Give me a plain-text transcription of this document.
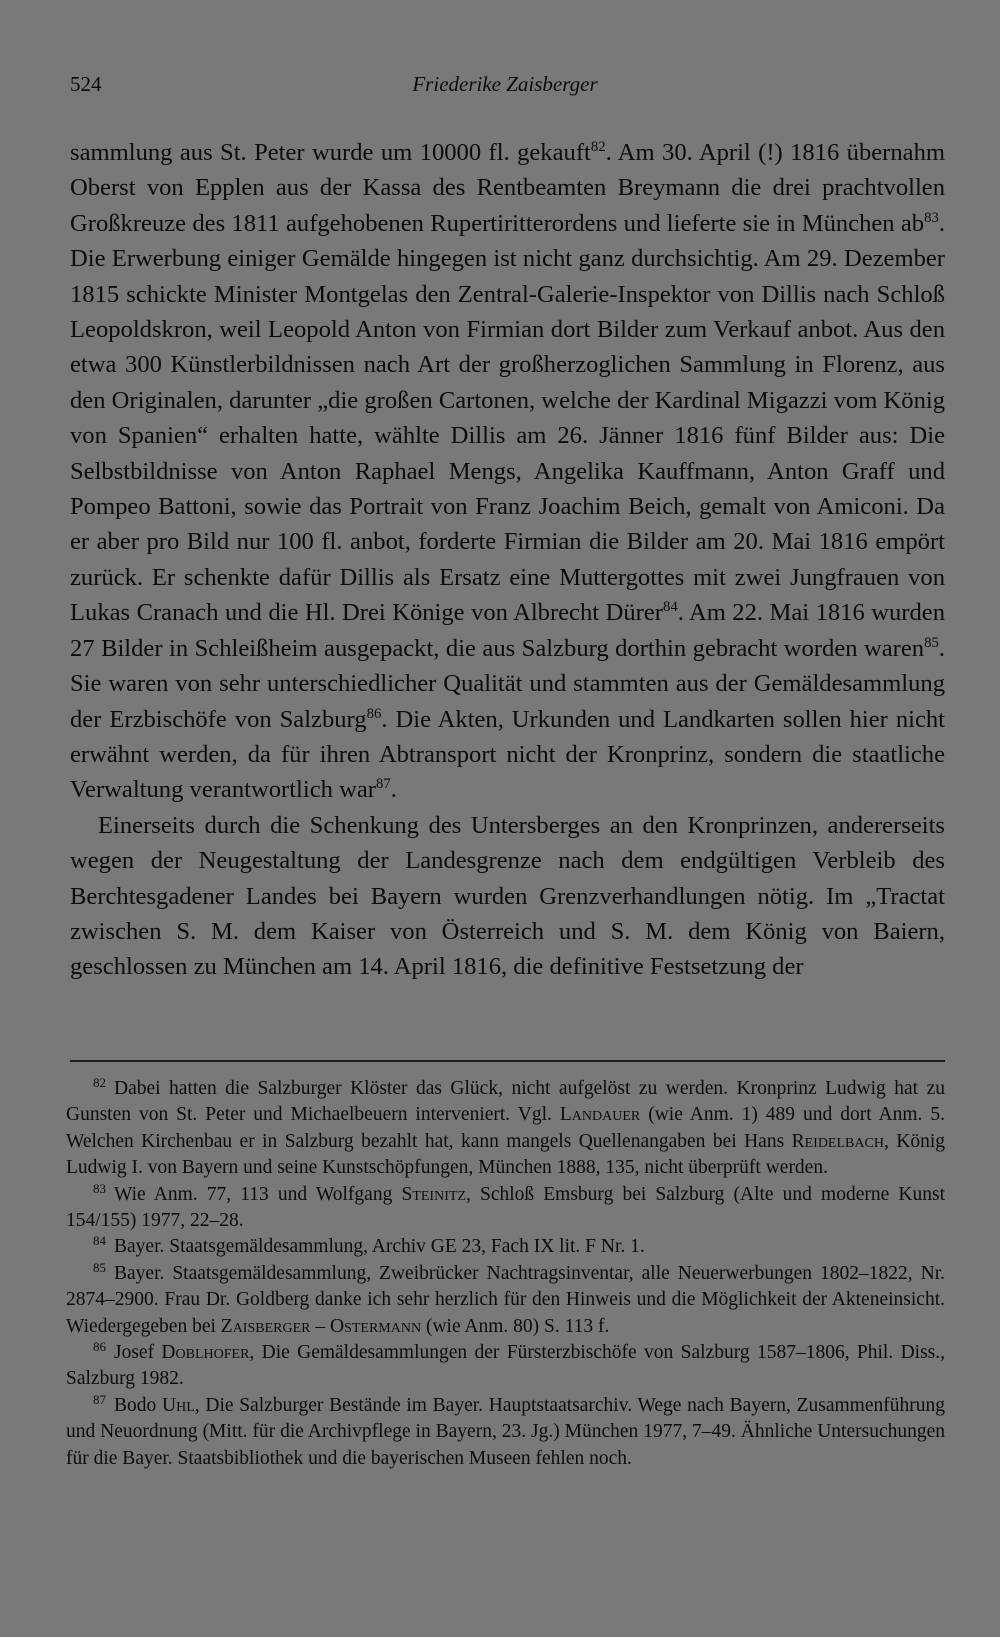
524	Friederike Zaisberger

sammlung aus St. Peter wurde um 10000 fl. gekauft$^{82}$. Am 30. April (!) 1816 übernahm Oberst von Epplen aus der Kassa des Rentbeamten Breymann die drei prachtvollen Großkreuze des 1811 aufgehobenen Rupertiritterordens und lieferte sie in München $ab^{83}$. Die Erwerbung einiger Gemälde hingegen ist nicht ganz durchsichtig. Am 29. Dezember 1815 schickte Minister Montgelas den Zentral-Galerie-Inspektor von Dillis nach Schloß Leopoldskron, weil Leopold Anton von Firmian dort Bilder zum Verkauf anbot. Aus den etwa 300 Künstlerbildnissen nach Art der großherzoglichen Sammlung in Florenz, aus den Originalen, darunter „die großen Cartonen, welche der Kardinal Migazzi vom König von Spanien“ erhalten hatte, wählte Dillis am 26. Jänner 1816 fünf Bilder aus: Die Selbstbildnisse von Anton Raphael Mengs, Angelika Kauffmann, Anton Graff und Pompeo Battoni, sowie das Portrait von Franz Joachim Beich, gemalt von Amiconi. Da er aber pro Bild nur 100 fl. anbot, forderte Firmian die Bilder am 20. Mai 1816 empört zurück. Er schenkte dafür Dillis als Ersatz eine Muttergottes mit zwei Jungfrauen von Lukas Cranach und die Hl. Drei Könige von Albrecht Dürer$^{84}$. Am 22. Mai 1816 wurden 27 Bilder in Schleißheim ausgepackt, die aus Salzburg dorthin gebracht worden waren$^{85}$. Sie waren von sehr unterschiedlicher Qualität und stammten aus der Gemäldesammlung der Erzbischöfe von Salzburg$^{86}$. Die Akten, Urkunden und Landkarten sollen hier nicht erwähnt werden, da für ihren Abtransport nicht der Kronprinz, sondern die staatliche Verwaltung verantwortlich war$^{87}$.

Einerseits durch die Schenkung des Untersberges an den Kronprinzen, andererseits wegen der Neugestaltung der Landesgrenze nach dem endgültigen Verbleib des Berchtesgadener Landes bei Bayern wurden Grenzverhandlungen nötig. Im „Tractat zwischen S. M. dem Kaiser von Österreich und S. M. dem König von Baiern, geschlossen zu München am 14. April 1816, die definitive Festsetzung der

82 Dabei hatten die Salzburger Klöster das Glück, nicht aufgelöst zu werden. Kronprinz Ludwig hat zu Gunsten von St. Peter und Michaelbeuern interveniert. Vgl. Landauer (wie Anm. 1) 489 und dort Anm. 5. Welchen Kirchenbau er in Salzburg bezahlt hat, kann mangels Quellenangaben bei Hans Reidelbach, König Ludwig I. von Bayern und seine Kunstschöpfungen, München 1888, 135, nicht überprüft werden.

83 Wie Anm. 77, 113 und Wolfgang Steinitz, Schloß Emsburg bei Salzburg (Alte und moderne Kunst 154/155) 1977, 22–28.

84 Bayer. Staatsgemäldesammlung, Archiv GE 23, Fach IX lit. F Nr. 1.

85 Bayer. Staatsgemäldesammlung, Zweibrücker Nachtragsinventar, alle Neuerwerbungen 1802–1822, Nr. 2874–2900. Frau Dr. Goldberg danke ich sehr herzlich für den Hinweis und die Möglichkeit der Akteneinsicht. Wiedergegeben bei Zaisberger – Ostermann (wie Anm. 80) S. 113 f.

86 Josef Doblhofer, Die Gemäldesammlungen der Fürsterzbischöfe von Salzburg 1587–1806, Phil. Diss., Salzburg 1982.

87 Bodo Uhl, Die Salzburger Bestände im Bayer. Hauptstaatsarchiv. Wege nach Bayern, Zusammenführung und Neuordnung (Mitt. für die Archivpflege in Bayern, 23. Jg.) München 1977, 7–49. Ähnliche Untersuchungen für die Bayer. Staatsbibliothek und die bayerischen Museen fehlen noch.
